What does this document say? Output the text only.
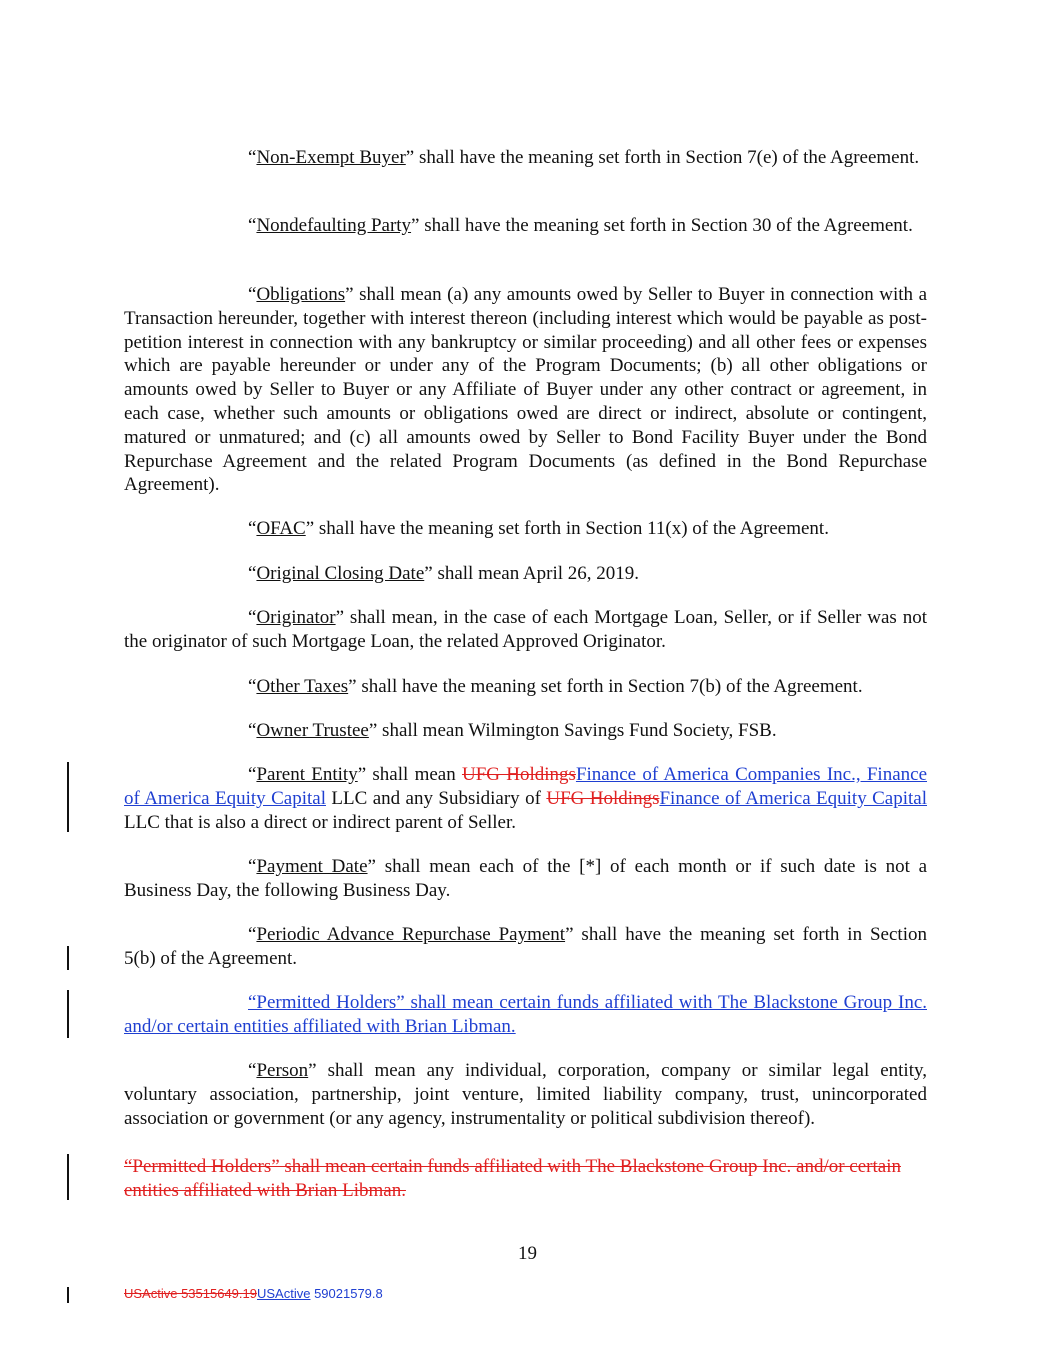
“Non-Exempt Buyer” shall have the meaning set forth in Section 7(e) of the Agreement.
“Nondefaulting Party” shall have the meaning set forth in Section 30 of the Agreement.
“Obligations” shall mean (a) any amounts owed by Seller to Buyer in connection with a Transaction hereunder, together with interest thereon (including interest which would be payable as post-petition interest in connection with any bankruptcy or similar proceeding) and all other fees or expenses which are payable hereunder or under any of the Program Documents; (b) all other obligations or amounts owed by Seller to Buyer or any Affiliate of Buyer under any other contract or agreement, in each case, whether such amounts or obligations owed are direct or indirect, absolute or contingent, matured or unmatured; and (c) all amounts owed by Seller to Bond Facility Buyer under the Bond Repurchase Agreement and the related Program Documents (as defined in the Bond Repurchase Agreement).
“OFAC” shall have the meaning set forth in Section 11(x) of the Agreement.
“Original Closing Date” shall mean April 26, 2019.
“Originator” shall mean, in the case of each Mortgage Loan, Seller, or if Seller was not the originator of such Mortgage Loan, the related Approved Originator.
“Other Taxes” shall have the meaning set forth in Section 7(b) of the Agreement.
“Owner Trustee” shall mean Wilmington Savings Fund Society, FSB.
“Parent Entity” shall mean UFG HoldingsFinance of America Companies Inc., Finance of America Equity Capital LLC and any Subsidiary of UFG HoldingsFinance of America Equity Capital LLC that is also a direct or indirect parent of Seller.
“Payment Date” shall mean each of the [*] of each month or if such date is not a Business Day, the following Business Day.
“Periodic Advance Repurchase Payment” shall have the meaning set forth in Section 5(b) of the Agreement.
“Permitted Holders” shall mean certain funds affiliated with The Blackstone Group Inc. and/or certain entities affiliated with Brian Libman.
“Person” shall mean any individual, corporation, company or similar legal entity, voluntary association, partnership, joint venture, limited liability company, trust, unincorporated association or government (or any agency, instrumentality or political subdivision thereof).
“Permitted Holders” shall mean certain funds affiliated with The Blackstone Group Inc. and/or certain entities affiliated with Brian Libman.
19
USActive 53515649.19USActive 59021579.8
